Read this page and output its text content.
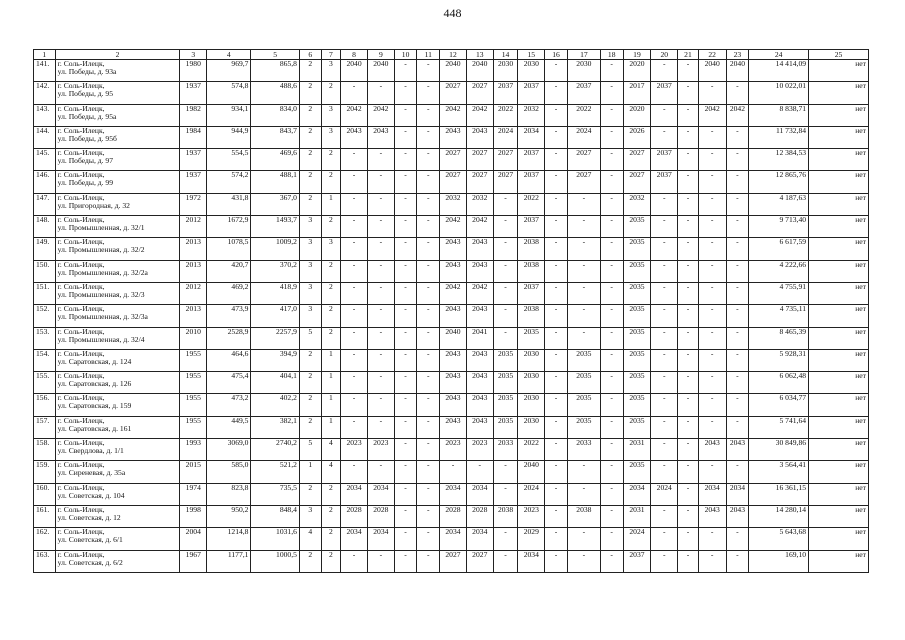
448
1	2	3	4	5	6	7	8	9	10	11	12	13	14	15	16	17	18	19	20	21	22	23	24	25
141.	г. Соль-Илецк,
ул. Победы, д. 93а	1980	969,7	865,8	2	3	2040	2040	-	-	2040	2040	2030	2030	-	2030	-	2020	-	-	2040	2040	14 414,09	нет
142.	г. Соль-Илецк,
ул. Победы, д. 95	1937	574,8	488,6	2	2	-	-	-	-	2027	2027	2037	2037	-	2037	-	2017	2037	-	-	-	10 022,01	нет
143.	г. Соль-Илецк,
ул. Победы, д. 95а	1982	934,1	834,0	2	3	2042	2042	-	-	2042	2042	2022	2032	-	2022	-	2020	-	-	2042	2042	8 838,71	нет
144.	г. Соль-Илецк,
ул. Победы, д. 95б	1984	944,9	843,7	2	3	2043	2043	-	-	2043	2043	2024	2034	-	2024	-	2026	-	-	-	-	11 732,84	нет
145.	г. Соль-Илецк,
ул. Победы, д. 97	1937	554,5	469,6	2	2	-	-	-	-	2027	2027	2027	2037	-	2027	-	2027	2037	-	-	-	12 384,53	нет
146.	г. Соль-Илецк,
ул. Победы, д. 99	1937	574,2	488,1	2	2	-	-	-	-	2027	2027	2027	2037	-	2027	-	2027	2037	-	-	-	12 865,76	нет
147.	г. Соль-Илецк,
ул. Пригородная, д. 32	1972	431,8	367,0	2	1	-	-	-	-	2032	2032	-	2022	-	-	-	2032	-	-	-	-	4 187,63	нет
148.	г. Соль-Илецк,
ул. Промышленная, д. 32/1	2012	1672,9	1493,7	3	2	-	-	-	-	2042	2042	-	2037	-	-	-	2035	-	-	-	-	9 713,40	нет
149.	г. Соль-Илецк,
ул. Промышленная, д. 32/2	2013	1078,5	1009,2	3	3	-	-	-	-	2043	2043	-	2038	-	-	-	2035	-	-	-	-	6 617,59	нет
150.	г. Соль-Илецк,
ул. Промышленная, д. 32/2а	2013	420,7	370,2	3	2	-	-	-	-	2043	2043	-	2038	-	-	-	2035	-	-	-	-	4 222,66	нет
151.	г. Соль-Илецк,
ул. Промышленная, д. 32/3	2012	469,2	418,9	3	2	-	-	-	-	2042	2042	-	2037	-	-	-	2035	-	-	-	-	4 755,91	нет
152.	г. Соль-Илецк,
ул. Промышленная, д. 32/3а	2013	473,9	417,0	3	2	-	-	-	-	2043	2043	-	2038	-	-	-	2035	-	-	-	-	4 735,11	нет
153.	г. Соль-Илецк,
ул. Промышленная, д. 32/4	2010	2528,9	2257,9	5	2	-	-	-	-	2040	2041	-	2035	-	-	-	2035	-	-	-	-	8 465,39	нет
154.	г. Соль-Илецк,
ул. Саратовская, д. 124	1955	464,6	394,9	2	1	-	-	-	-	2043	2043	2035	2030	-	2035	-	2035	-	-	-	-	5 928,31	нет
155.	г. Соль-Илецк,
ул. Саратовская, д. 126	1955	475,4	404,1	2	1	-	-	-	-	2043	2043	2035	2030	-	2035	-	2035	-	-	-	-	6 062,48	нет
156.	г. Соль-Илецк,
ул. Саратовская, д. 159	1955	473,2	402,2	2	1	-	-	-	-	2043	2043	2035	2030	-	2035	-	2035	-	-	-	-	6 034,77	нет
157.	г. Соль-Илецк,
ул. Саратовская, д. 161	1955	449,5	382,1	2	1	-	-	-	-	2043	2043	2035	2030	-	2035	-	2035	-	-	-	-	5 741,64	нет
158.	г. Соль-Илецк,
ул. Свердлова, д. 1/1	1993	3069,0	2740,2	5	4	2023	2023	-	-	2023	2023	2033	2022	-	2033	-	2031	-	-	2043	2043	30 849,86	нет
159.	г. Соль-Илецк,
ул. Сиреневая, д. 35а	2015	585,0	521,2	1	4	-	-	-	-	-	-	-	2040	-	-	-	2035	-	-	-	-	3 564,41	нет
160.	г. Соль-Илецк,
ул. Советская, д. 104	1974	823,8	735,5	2	2	2034	2034	-	-	2034	2034	-	2024	-	-	-	2034	2024	-	2034	2034	16 361,15	нет
161.	г. Соль-Илецк,
ул. Советская, д. 12	1998	950,2	848,4	3	2	2028	2028	-	-	2028	2028	2038	2023	-	2038	-	2031	-	-	2043	2043	14 280,14	нет
162.	г. Соль-Илецк,
ул. Советская, д. 6/1	2004	1214,8	1031,6	4	2	2034	2034	-	-	2034	2034	-	2029	-	-	-	2024	-	-	-	-	5 643,68	нет
163.	г. Соль-Илецк,
ул. Советская, д. 6/2	1967	1177,1	1000,5	2	2	-	-	-	-	2027	2027	-	2034	-	-	-	2037	-	-	-	-	169,10	нет
